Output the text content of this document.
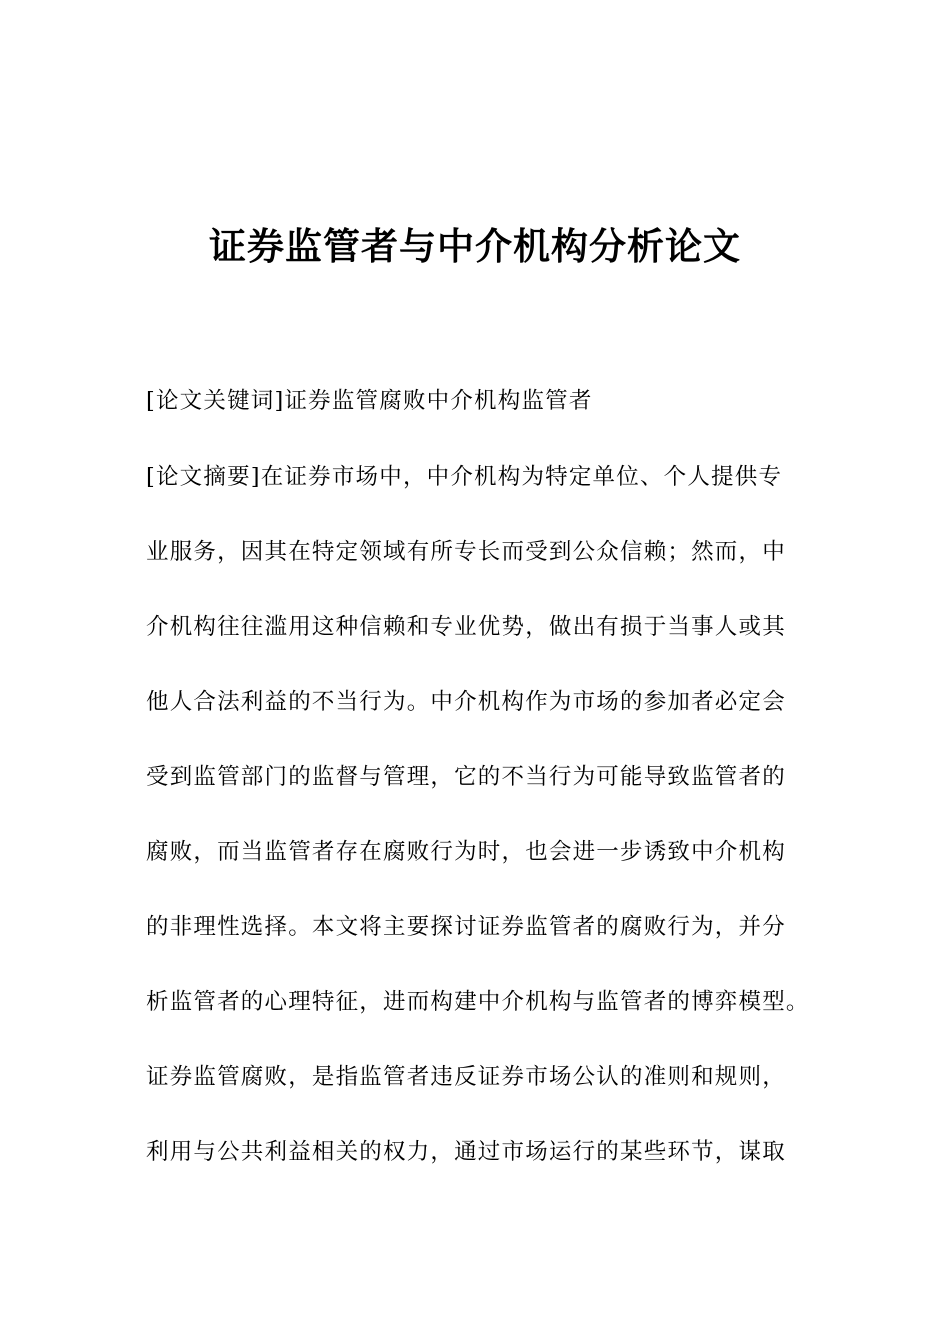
证券监管者与中介机构分析论文

[论文关键词]证券监管腐败中介机构监管者

[论文摘要]在证券市场中，中介机构为特定单位、个人提供专
业服务，因其在特定领域有所专长而受到公众信赖；然而，中
介机构往往滥用这种信赖和专业优势，做出有损于当事人或其
他人合法利益的不当行为。中介机构作为市场的参加者必定会
受到监管部门的监督与管理，它的不当行为可能导致监管者的
腐败，而当监管者存在腐败行为时，也会进一步诱致中介机构
的非理性选择。本文将主要探讨证券监管者的腐败行为，并分
析监管者的心理特征，进而构建中介机构与监管者的博弈模型。
证券监管腐败，是指监管者违反证券市场公认的准则和规则，
利用与公共利益相关的权力，通过市场运行的某些环节，谋取
